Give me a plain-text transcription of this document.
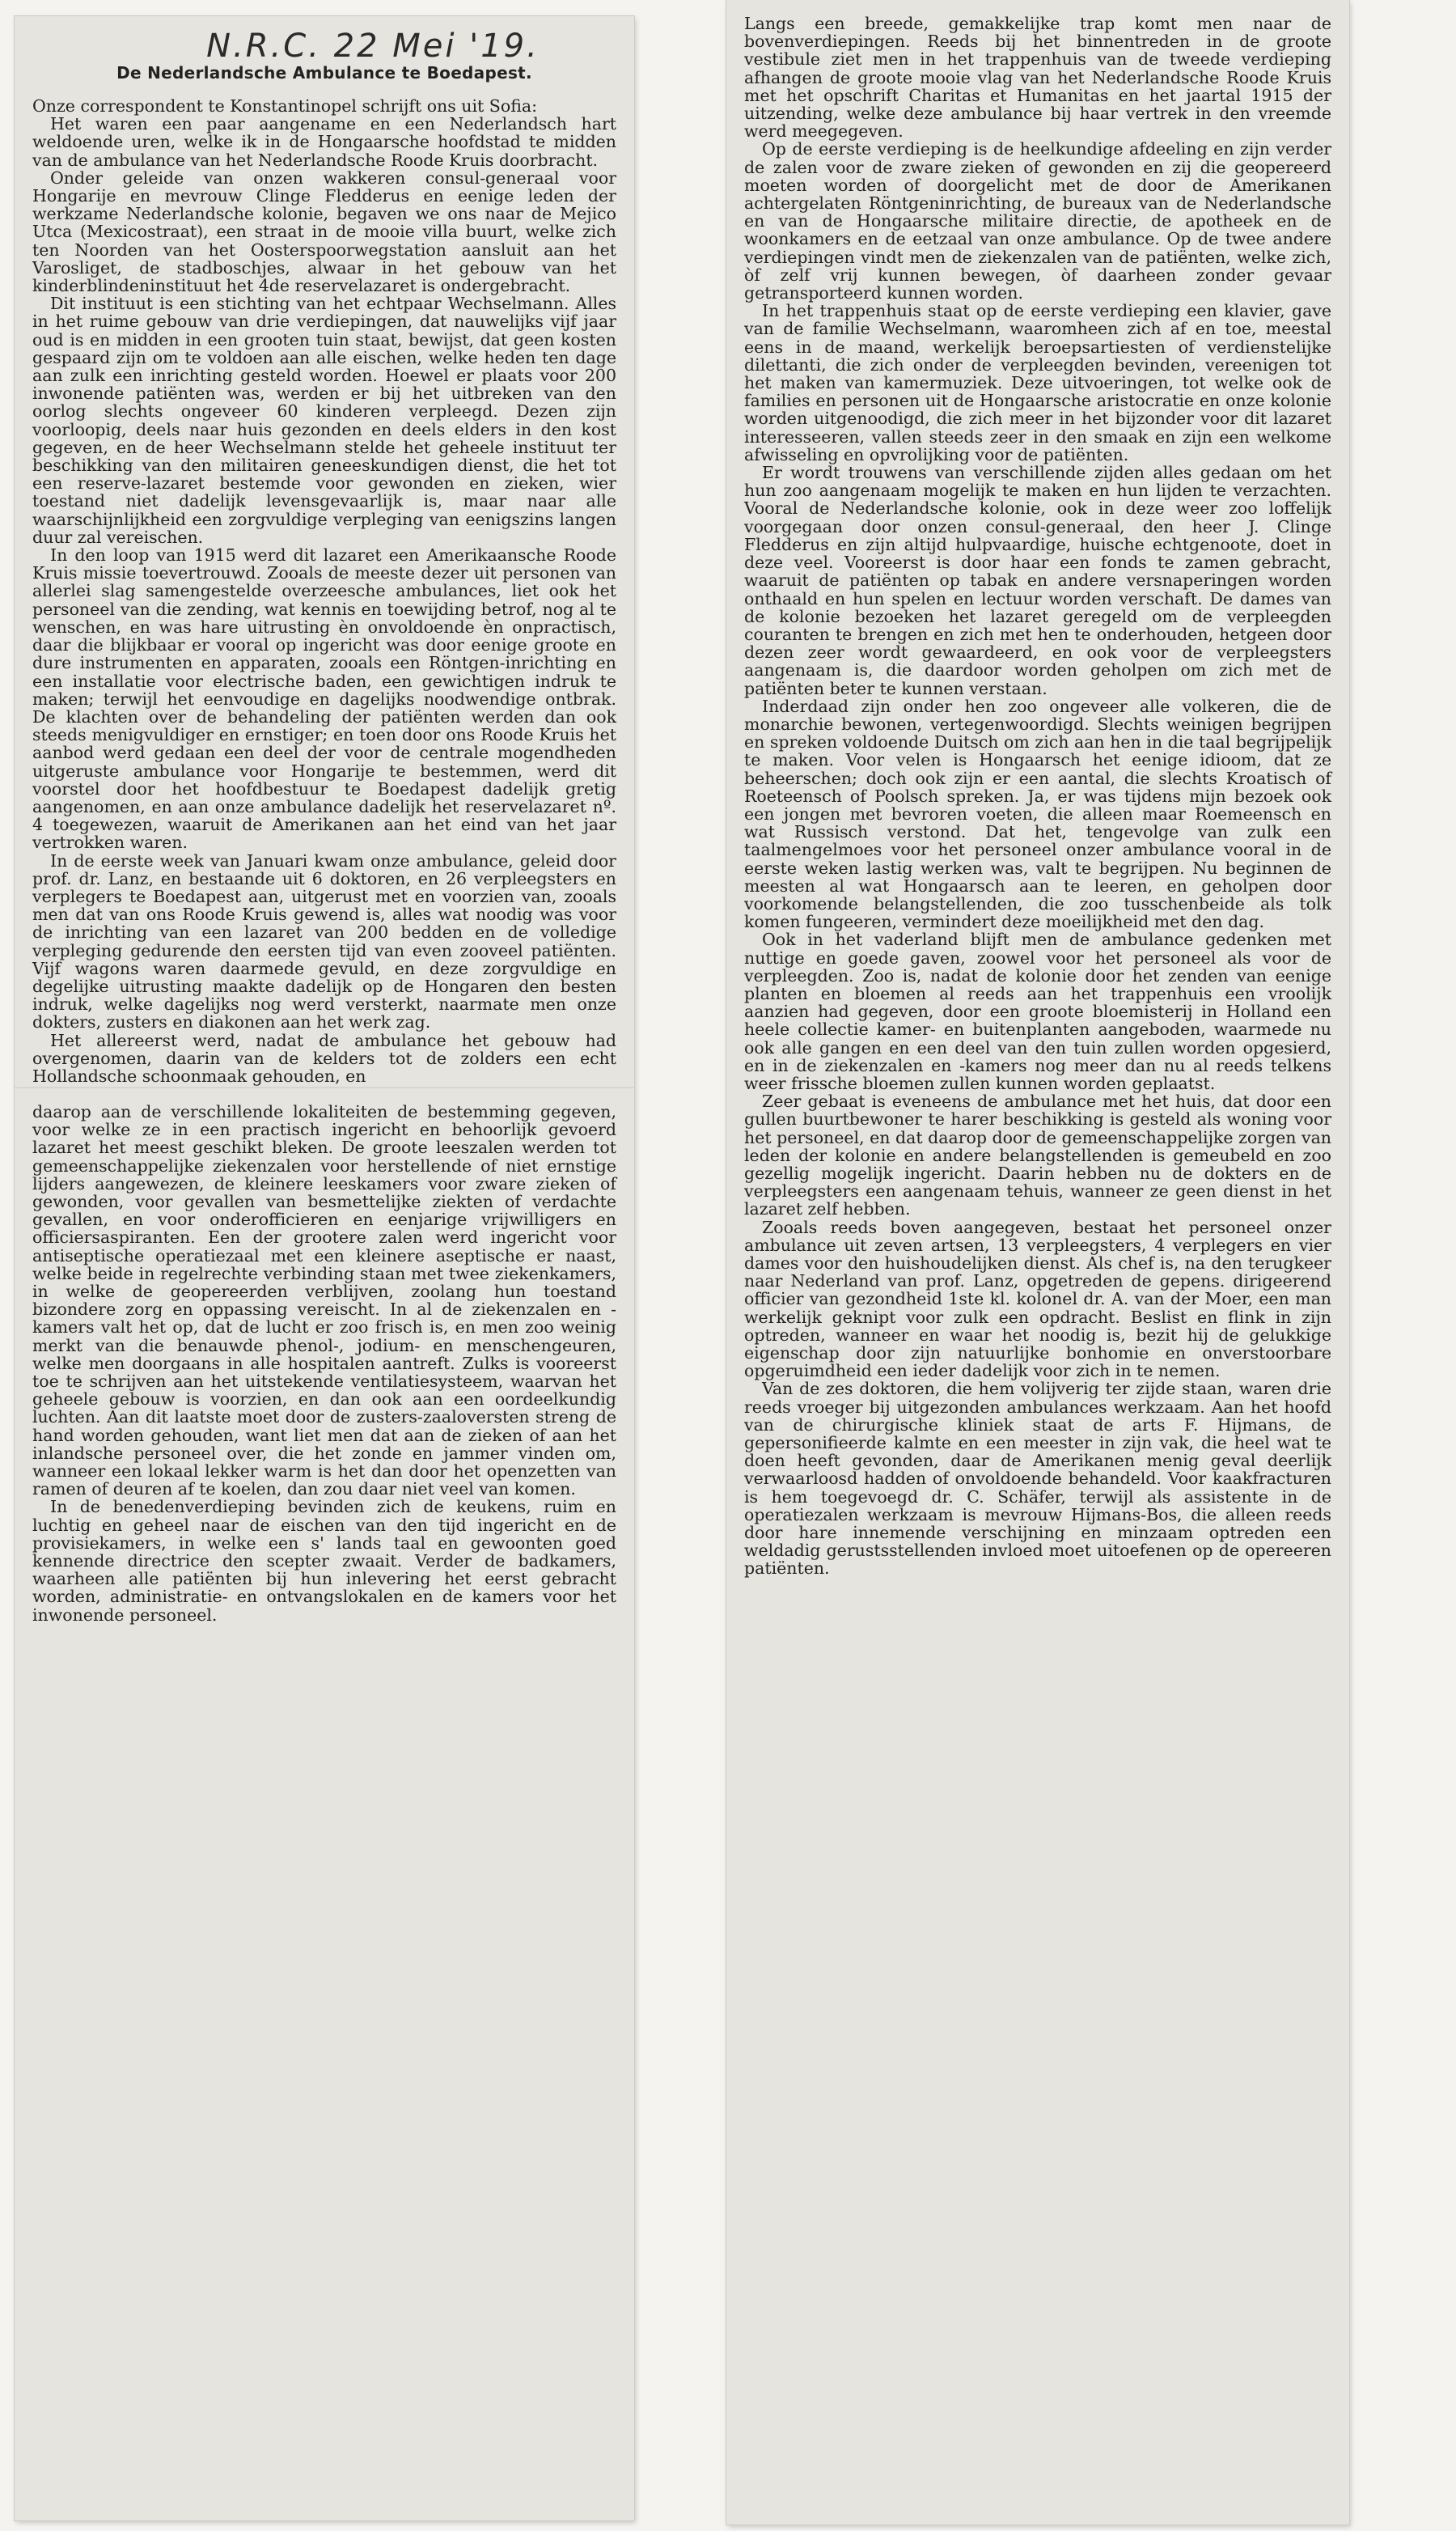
N.R.C. 22 Mei '19.
De Nederlandsche Ambulance te Boedapest.

Onze correspondent te Konstantinopel schrijft ons uit Sofia:

Het waren een paar aangename en een Nederlandsch hart weldoende uren, welke ik in de Hongaarsche hoofdstad te midden van de ambulance van het Nederlandsche Roode Kruis doorbracht.

Onder geleide van onzen wakkeren consul-generaal voor Hongarije en mevrouw Clinge Fledderus en eenige leden der werkzame Nederlandsche kolonie, begaven we ons naar de Mejico Utca (Mexicostraat), een straat in de mooie villa buurt, welke zich ten Noorden van het Oosterspoorwegstation aansluit aan het Varosliget, de stadboschjes, alwaar in het gebouw van het kinderblindeninstituut het 4de reservelazaret is ondergebracht.

Dit instituut is een stichting van het echtpaar Wechselmann. Alles in het ruime gebouw van drie verdiepingen, dat nauwelijks vijf jaar oud is en midden in een grooten tuin staat, bewijst, dat geen kosten gespaard zijn om te voldoen aan alle eischen, welke heden ten dage aan zulk een inrichting gesteld worden. Hoewel er plaats voor 200 inwonende patiënten was, werden er bij het uitbreken van den oorlog slechts ongeveer 60 kinderen verpleegd. Dezen zijn voorloopig, deels naar huis gezonden en deels elders in den kost gegeven, en de heer Wechselmann stelde het geheele instituut ter beschikking van den militairen geneeskundigen dienst, die het tot een reserve-lazaret bestemde voor gewonden en zieken, wier toestand niet dadelijk levensgevaarlijk is, maar naar alle waarschijnlijkheid een zorgvuldige verpleging van eenigszins langen duur zal vereischen.

In den loop van 1915 werd dit lazaret een Amerikaansche Roode Kruis missie toevertrouwd. Zooals de meeste dezer uit personen van allerlei slag samengestelde overzeesche ambulances, liet ook het personeel van die zending, wat kennis en toewijding betrof, nog al te wenschen, en was hare uitrusting èn onvoldoende èn onpractisch, daar die blijkbaar er vooral op ingericht was door eenige groote en dure instrumenten en apparaten, zooals een Röntgen-inrichting en een installatie voor electrische baden, een gewichtigen indruk te maken; terwijl het eenvoudige en dagelijks noodwendige ontbrak. De klachten over de behandeling der patiënten werden dan ook steeds menigvuldiger en ernstiger; en toen door ons Roode Kruis het aanbod werd gedaan een deel der voor de centrale mogendheden uitgeruste ambulance voor Hongarije te bestemmen, werd dit voorstel door het hoofdbestuur te Boedapest dadelijk gretig aangenomen, en aan onze ambulance dadelijk het reservelazaret nº. 4 toegewezen, waaruit de Amerikanen aan het eind van het jaar vertrokken waren.

In de eerste week van Januari kwam onze ambulance, geleid door prof. dr. Lanz, en bestaande uit 6 doktoren, en 26 verpleegsters en verplegers te Boedapest aan, uitgerust met en voorzien van, zooals men dat van ons Roode Kruis gewend is, alles wat noodig was voor de inrichting van een lazaret van 200 bedden en de volledige verpleging gedurende den eersten tijd van even zooveel patiënten. Vijf wagons waren daarmede gevuld, en deze zorgvuldige en degelijke uitrusting maakte dadelijk op de Hongaren den besten indruk, welke dagelijks nog werd versterkt, naarmate men onze dokters, zusters en diakonen aan het werk zag.

Het allereerst werd, nadat de ambulance het gebouw had overgenomen, daarin van de kelders tot de zolders een echt Hollandsche schoonmaak gehouden, en

daarop aan de verschillende lokaliteiten de bestemming gegeven, voor welke ze in een practisch ingericht en behoorlijk gevoerd lazaret het meest geschikt bleken. De groote leeszalen werden tot gemeenschappelijke ziekenzalen voor herstellende of niet ernstige lijders aangewezen, de kleinere leeskamers voor zware zieken of gewonden, voor gevallen van besmettelijke ziekten of verdachte gevallen, en voor onderofficieren en eenjarige vrijwilligers en officiersaspiranten. Een der grootere zalen werd ingericht voor antiseptische operatiezaal met een kleinere aseptische er naast, welke beide in regelrechte verbinding staan met twee ziekenkamers, in welke de geopereerden verblijven, zoolang hun toestand bizondere zorg en oppassing vereischt. In al de ziekenzalen en -kamers valt het op, dat de lucht er zoo frisch is, en men zoo weinig merkt van die benauwde phenol-, jodium- en menschengeuren, welke men doorgaans in alle hospitalen aantreft. Zulks is vooreerst toe te schrijven aan het uitstekende ventilatiesysteem, waarvan het geheele gebouw is voorzien, en dan ook aan een oordeelkundig luchten. Aan dit laatste moet door de zusters-zaaloversten streng de hand worden gehouden, want liet men dat aan de zieken of aan het inlandsche personeel over, die het zonde en jammer vinden om, wanneer een lokaal lekker warm is het dan door het openzetten van ramen of deuren af te koelen, dan zou daar niet veel van komen.

In de benedenverdieping bevinden zich de keukens, ruim en luchtig en geheel naar de eischen van den tijd ingericht en de provisiekamers, in welke een s' lands taal en gewoonten goed kennende directrice den scepter zwaait. Verder de badkamers, waarheen alle patiënten bij hun inlevering het eerst gebracht worden, administratie- en ontvangslokalen en de kamers voor het inwonende personeel.

Langs een breede, gemakkelijke trap komt men naar de bovenverdiepingen. Reeds bij het binnentreden in de groote vestibule ziet men in het trappenhuis van de tweede verdieping afhangen de groote mooie vlag van het Nederlandsche Roode Kruis met het opschrift Charitas et Humanitas en het jaartal 1915 der uitzending, welke deze ambulance bij haar vertrek in den vreemde werd meegegeven.

Op de eerste verdieping is de heelkundige afdeeling en zijn verder de zalen voor de zware zieken of gewonden en zij die geopereerd moeten worden of doorgelicht met de door de Amerikanen achtergelaten Röntgeninrichting, de bureaux van de Nederlandsche en van de Hongaarsche militaire directie, de apotheek en de woonkamers en de eetzaal van onze ambulance. Op de twee andere verdiepingen vindt men de ziekenzalen van de patiënten, welke zich, òf zelf vrij kunnen bewegen, òf daarheen zonder gevaar getransporteerd kunnen worden.

In het trappenhuis staat op de eerste verdieping een klavier, gave van de familie Wechselmann, waaromheen zich af en toe, meestal eens in de maand, werkelijk beroepsartiesten of verdienstelijke dilettanti, die zich onder de verpleegden bevinden, vereenigen tot het maken van kamermuziek. Deze uitvoeringen, tot welke ook de families en personen uit de Hongaarsche aristocratie en onze kolonie worden uitgenoodigd, die zich meer in het bijzonder voor dit lazaret interesseeren, vallen steeds zeer in den smaak en zijn een welkome afwisseling en opvrolijking voor de patiënten.

Er wordt trouwens van verschillende zijden alles gedaan om het hun zoo aangenaam mogelijk te maken en hun lijden te verzachten. Vooral de Nederlandsche kolonie, ook in deze weer zoo loffelijk voorgegaan door onzen consul-generaal, den heer J. Clinge Fledderus en zijn altijd hulpvaardige, huische echtgenoote, doet in deze veel. Vooreerst is door haar een fonds te zamen gebracht, waaruit de patiënten op tabak en andere versnaperingen worden onthaald en hun spelen en lectuur worden verschaft. De dames van de kolonie bezoeken het lazaret geregeld om de verpleegden couranten te brengen en zich met hen te onderhouden, hetgeen door dezen zeer wordt gewaardeerd, en ook voor de verpleegsters aangenaam is, die daardoor worden geholpen om zich met de patiënten beter te kunnen verstaan.

Inderdaad zijn onder hen zoo ongeveer alle volkeren, die de monarchie bewonen, vertegenwoordigd. Slechts weinigen begrijpen en spreken voldoende Duitsch om zich aan hen in die taal begrijpelijk te maken. Voor velen is Hongaarsch het eenige idioom, dat ze beheerschen; doch ook zijn er een aantal, die slechts Kroatisch of Roeteensch of Poolsch spreken. Ja, er was tijdens mijn bezoek ook een jongen met bevroren voeten, die alleen maar Roemeensch en wat Russisch verstond. Dat het, tengevolge van zulk een taalmengelmoes voor het personeel onzer ambulance vooral in de eerste weken lastig werken was, valt te begrijpen. Nu beginnen de meesten al wat Hongaarsch aan te leeren, en geholpen door voorkomende belangstellenden, die zoo tusschenbeide als tolk komen fungeeren, vermindert deze moeilijkheid met den dag.

Ook in het vaderland blijft men de ambulance gedenken met nuttige en goede gaven, zoowel voor het personeel als voor de verpleegden. Zoo is, nadat de kolonie door het zenden van eenige planten en bloemen al reeds aan het trappenhuis een vroolijk aanzien had gegeven, door een groote bloemisterij in Holland een heele collectie kamer- en buitenplanten aangeboden, waarmede nu ook alle gangen en een deel van den tuin zullen worden opgesierd, en in de ziekenzalen en -kamers nog meer dan nu al reeds telkens weer frissche bloemen zullen kunnen worden geplaatst.

Zeer gebaat is eveneens de ambulance met het huis, dat door een gullen buurtbewoner te harer beschikking is gesteld als woning voor het personeel, en dat daarop door de gemeenschappelijke zorgen van leden der kolonie en andere belangstellenden is gemeubeld en zoo gezellig mogelijk ingericht. Daarin hebben nu de dokters en de verpleegsters een aangenaam tehuis, wanneer ze geen dienst in het lazaret zelf hebben.

Zooals reeds boven aangegeven, bestaat het personeel onzer ambulance uit zeven artsen, 13 verpleegsters, 4 verplegers en vier dames voor den huishoudelijken dienst. Als chef is, na den terugkeer naar Nederland van prof. Lanz, opgetreden de gepens. dirigeerend officier van gezondheid 1ste kl. kolonel dr. A. van der Moer, een man werkelijk geknipt voor zulk een opdracht. Beslist en flink in zijn optreden, wanneer en waar het noodig is, bezit hij de gelukkige eigenschap door zijn natuurlijke bonhomie en onverstoorbare opgeruimdheid een ieder dadelijk voor zich in te nemen.

Van de zes doktoren, die hem volijverig ter zijde staan, waren drie reeds vroeger bij uitgezonden ambulances werkzaam. Aan het hoofd van de chirurgische kliniek staat de arts F. Hijmans, de gepersonifieerde kalmte en een meester in zijn vak, die heel wat te doen heeft gevonden, daar de Amerikanen menig geval deerlijk verwaarloosd hadden of onvoldoende behandeld. Voor kaakfracturen is hem toegevoegd dr. C. Schäfer, terwijl als assistente in de operatiezalen werkzaam is mevrouw Hijmans-Bos, die alleen reeds door hare innemende verschijning en minzaam optreden een weldadig gerustsstellenden invloed moet uitoefenen op de opereeren patiënten.
